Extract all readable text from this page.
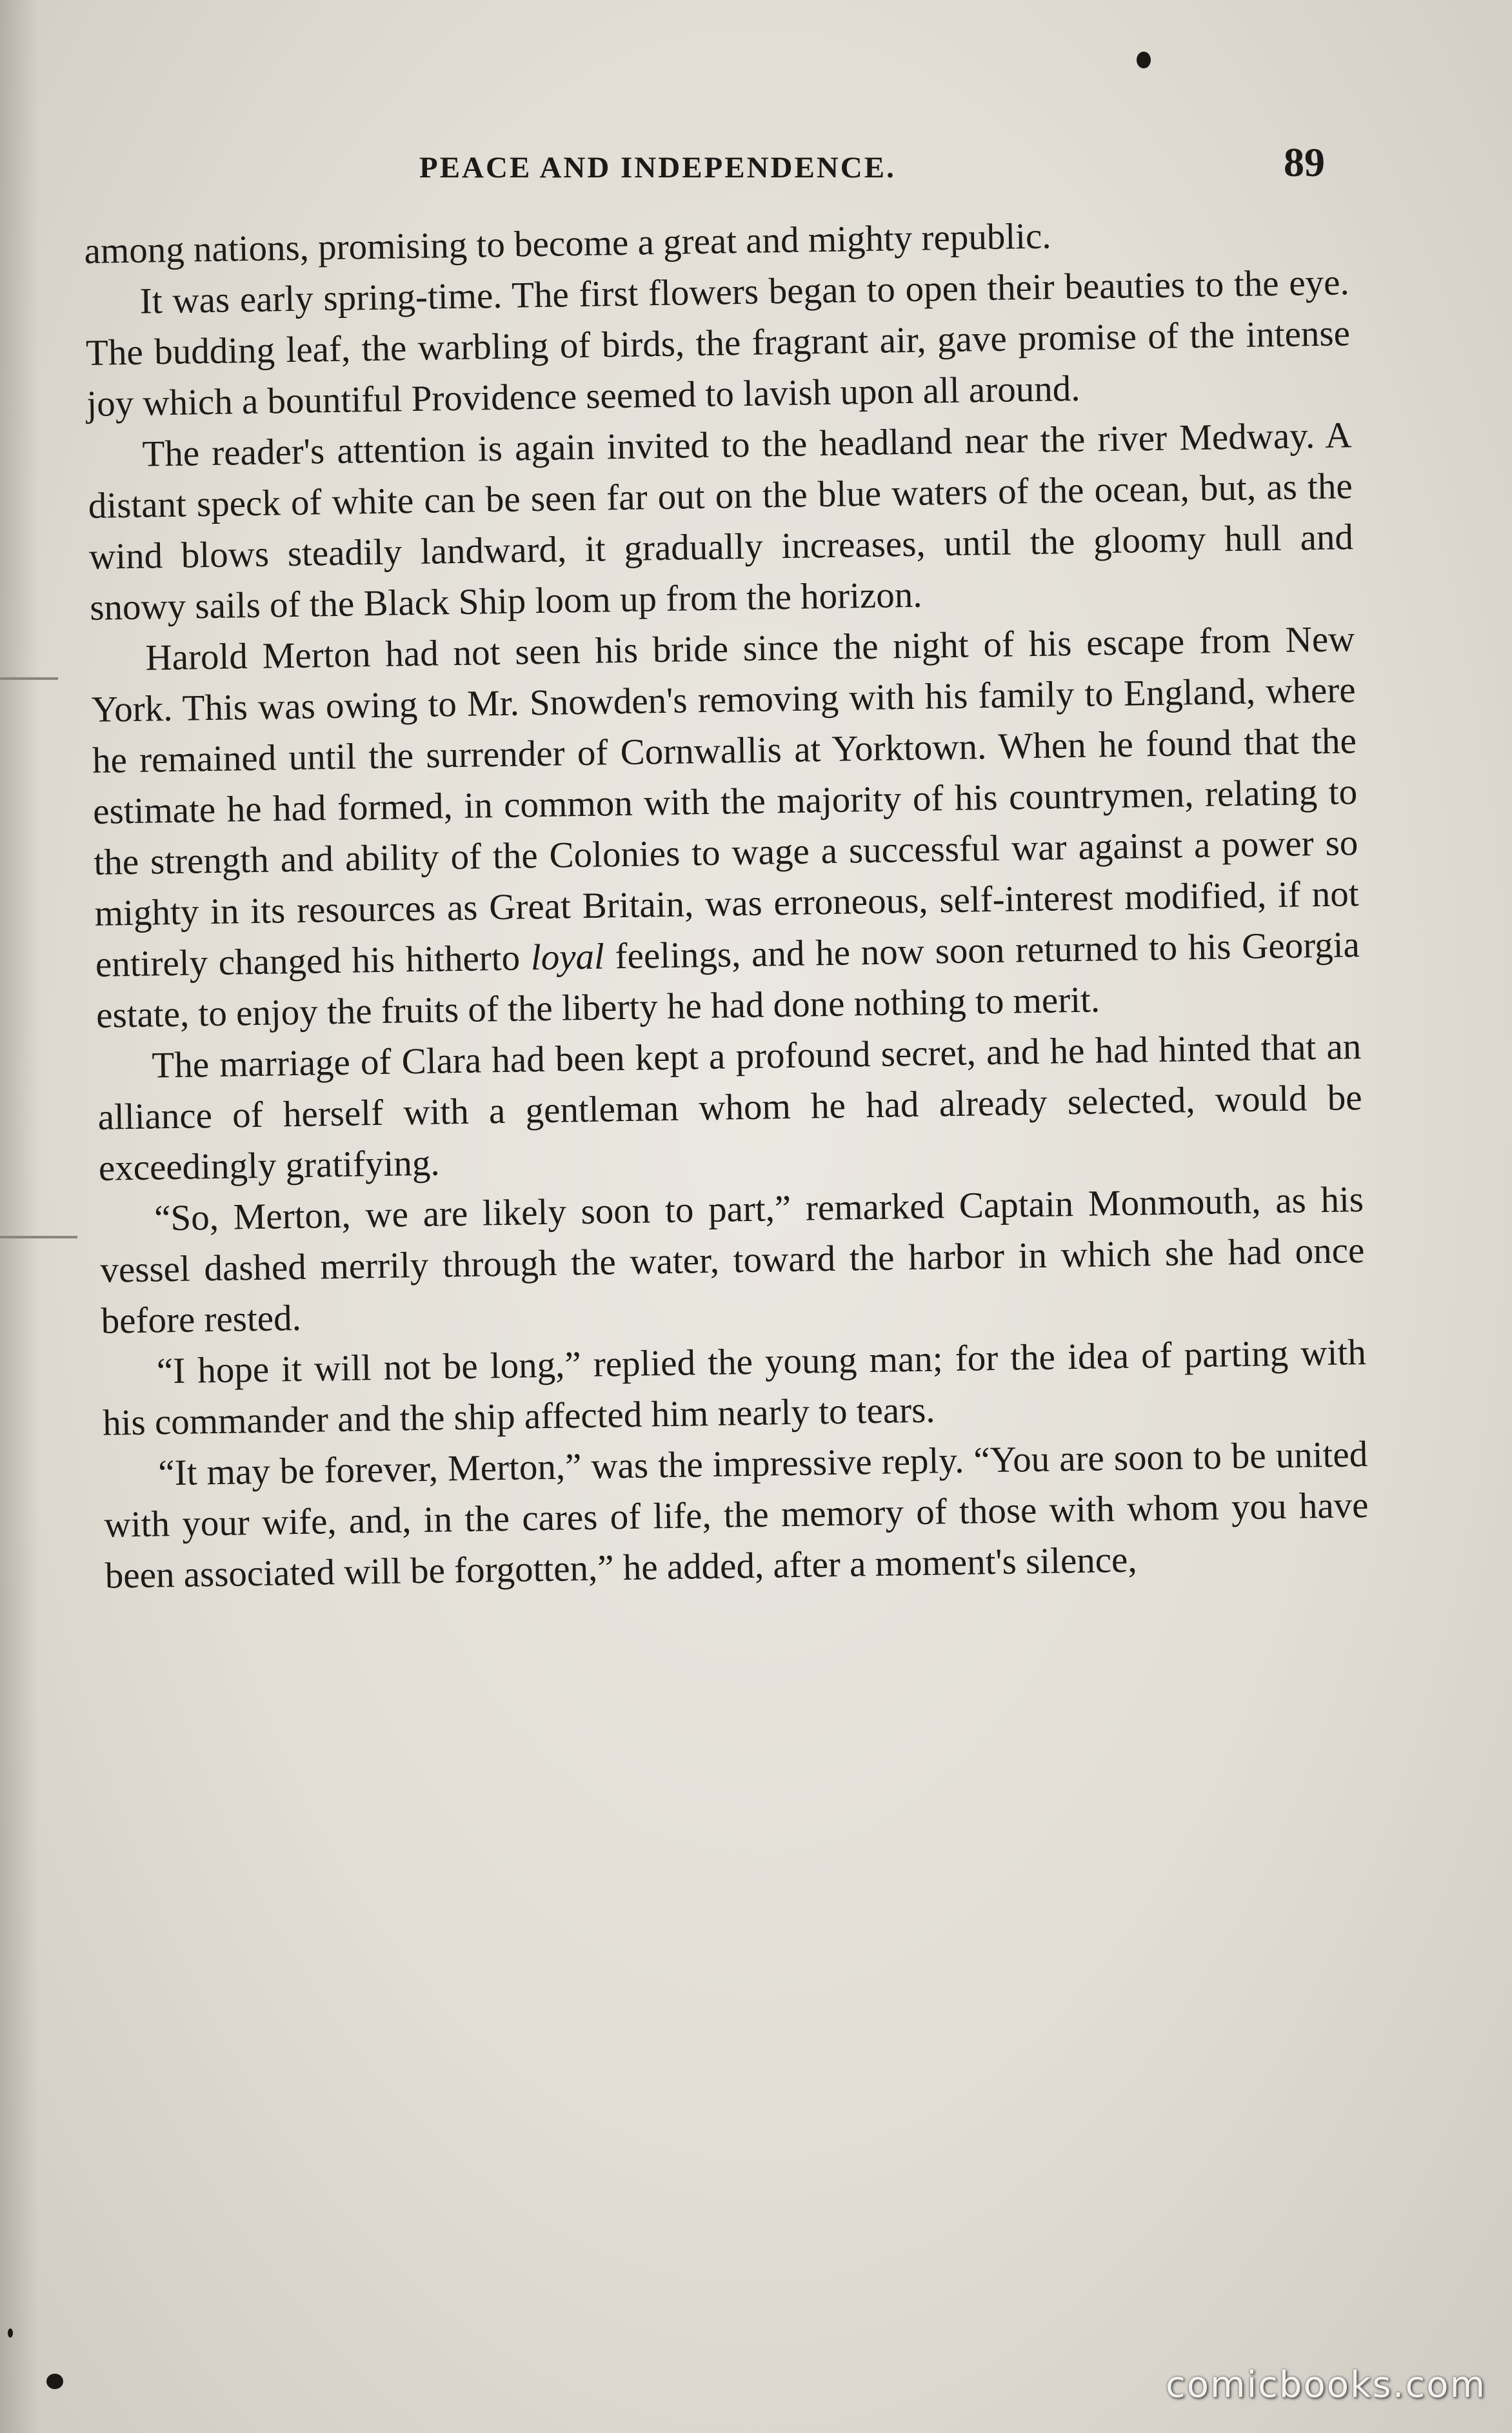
PEACE AND INDEPENDENCE.	89

among nations, promising to become a great and mighty republic.

It was early spring-time. The first flowers began to open their beauties to the eye. The budding leaf, the warbling of birds, the fragrant air, gave promise of the intense joy which a bountiful Providence seemed to lavish upon all around.

The reader's attention is again invited to the headland near the river Medway. A distant speck of white can be seen far out on the blue waters of the ocean, but, as the wind blows steadily landward, it gradually increases, until the gloomy hull and snowy sails of the Black Ship loom up from the horizon.

Harold Merton had not seen his bride since the night of his escape from New York. This was owing to Mr. Snowden's removing with his family to England, where he remained until the surrender of Cornwallis at Yorktown. When he found that the estimate he had formed, in common with the majority of his countrymen, relating to the strength and ability of the Colonies to wage a successful war against a power so mighty in its resources as Great Britain, was erroneous, self-interest modified, if not entirely changed his hitherto loyal feelings, and he now soon returned to his Georgia estate, to enjoy the fruits of the liberty he had done nothing to merit.

The marriage of Clara had been kept a profound secret, and he had hinted that an alliance of herself with a gentleman whom he had already selected, would be exceedingly gratifying.

“So, Merton, we are likely soon to part,” remarked Captain Monmouth, as his vessel dashed merrily through the water, toward the harbor in which she had once before rested.

“I hope it will not be long,” replied the young man; for the idea of parting with his commander and the ship affected him nearly to tears.

“It may be forever, Merton,” was the impressive reply. “You are soon to be united with your wife, and, in the cares of life, the memory of those with whom you have been associated will be forgotten,” he added, after a moment's silence,

comicbooks.com
